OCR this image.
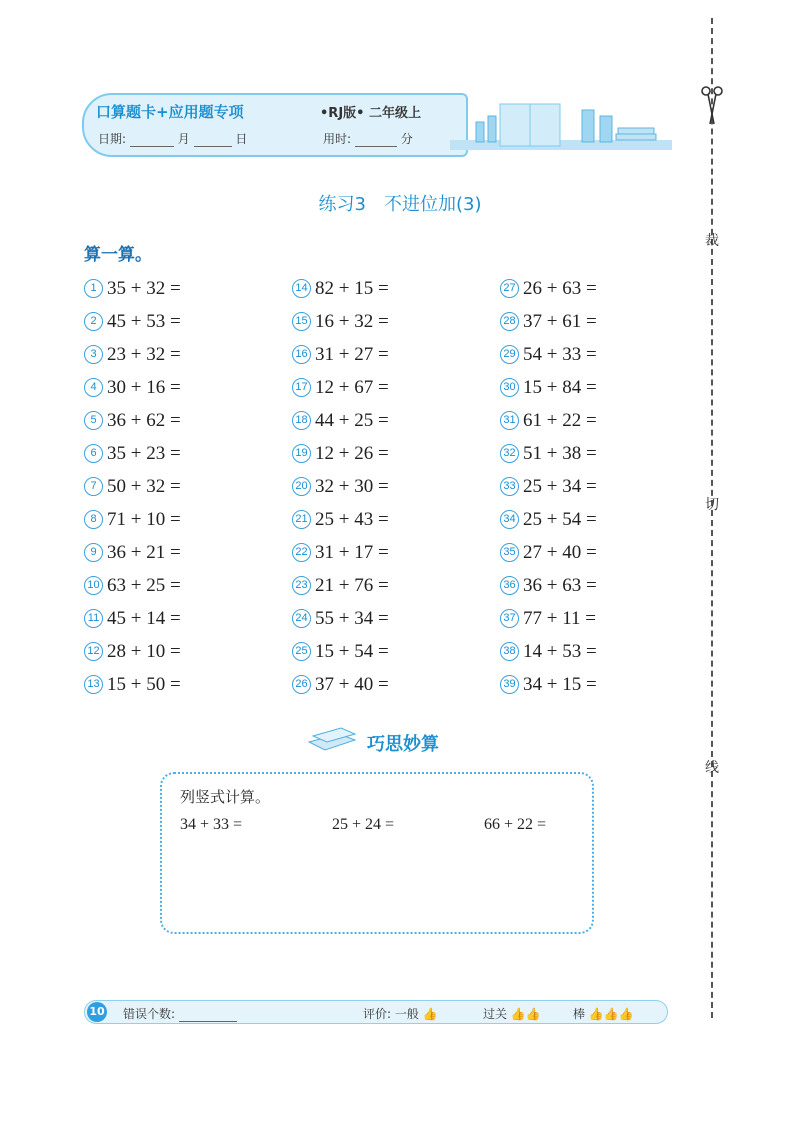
口算题卡+应用题专项	•RJ版• 二年级上
日期:	月	日	用时:	分
裁
切
线
练习3　不进位加(3)
算一算。
1 35 + 32 =
2 45 + 53 =
3 23 + 32 =
4 30 + 16 =
5 36 + 62 =
6 35 + 23 =
7 50 + 32 =
8 71 + 10 =
9 36 + 21 =
10 63 + 25 =
11 45 + 14 =
12 28 + 10 =
13 15 + 50 =
14 82 + 15 =
15 16 + 32 =
16 31 + 27 =
17 12 + 67 =
18 44 + 25 =
19 12 + 26 =
20 32 + 30 =
21 25 + 43 =
22 31 + 17 =
23 21 + 76 =
24 55 + 34 =
25 15 + 54 =
26 37 + 40 =
27 26 + 63 =
28 37 + 61 =
29 54 + 33 =
30 15 + 84 =
31 61 + 22 =
32 51 + 38 =
33 25 + 34 =
34 25 + 54 =
35 27 + 40 =
36 36 + 63 =
37 77 + 11 =
38 14 + 53 =
39 34 + 15 =
巧思妙算
列竖式计算。
34 + 33 =	25 + 24 =	66 + 22 =
10 错误个数:	评价: 一般 👍	过关 👍👍	棒 👍👍👍
